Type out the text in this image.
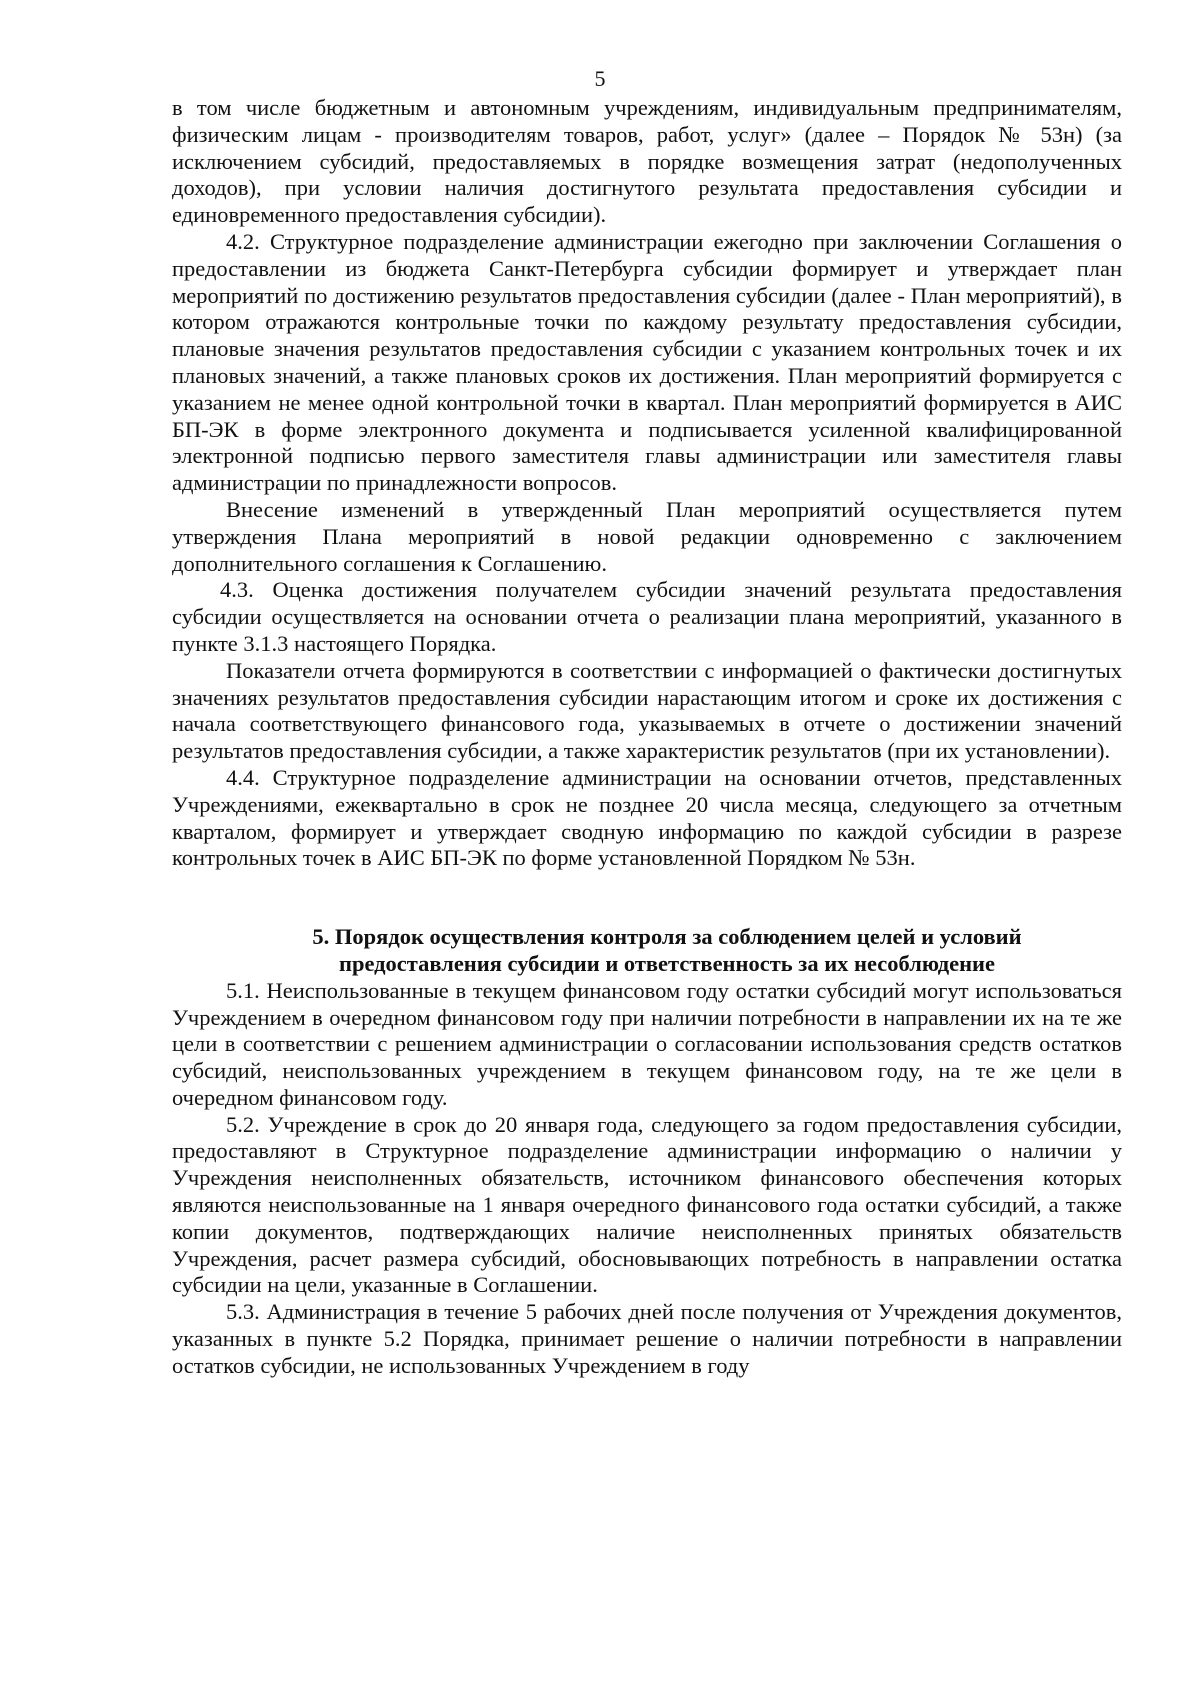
5

в том числе бюджетным и автономным учреждениям, индивидуальным предпринимателям, физическим лицам - производителям товаров, работ, услуг» (далее – Порядок № 53н) (за исключением субсидий, предоставляемых в порядке возмещения затрат (недополученных доходов), при условии наличия достигнутого результата предоставления субсидии и единовременного предоставления субсидии).

4.2. Структурное подразделение администрации ежегодно при заключении Соглашения о предоставлении из бюджета Санкт-Петербурга субсидии формирует и утверждает план мероприятий по достижению результатов предоставления субсидии (далее - План мероприятий), в котором отражаются контрольные точки по каждому результату предоставления субсидии, плановые значения результатов предоставления субсидии с указанием контрольных точек и их плановых значений, а также плановых сроков их достижения. План мероприятий формируется с указанием не менее одной контрольной точки в квартал. План мероприятий формируется в АИС БП-ЭК в форме электронного документа и подписывается усиленной квалифицированной электронной подписью первого заместителя главы администрации или заместителя главы администрации по принадлежности вопросов.

Внесение изменений в утвержденный План мероприятий осуществляется путем утверждения Плана мероприятий в новой редакции одновременно с заключением дополнительного соглашения к Соглашению.

4.3. Оценка достижения получателем субсидии значений результата предоставления субсидии осуществляется на основании отчета о реализации плана мероприятий, указанного в пункте 3.1.3 настоящего Порядка.

Показатели отчета формируются в соответствии с информацией о фактически достигнутых значениях результатов предоставления субсидии нарастающим итогом и сроке их достижения с начала соответствующего финансового года, указываемых в отчете о достижении значений результатов предоставления субсидии, а также характеристик результатов (при их установлении).

4.4. Структурное подразделение администрации на основании отчетов, представленных Учреждениями, ежеквартально в срок не позднее 20 числа месяца, следующего за отчетным кварталом, формирует и утверждает сводную информацию по каждой субсидии в разрезе контрольных точек в АИС БП-ЭК по форме установленной Порядком № 53н.

5. Порядок осуществления контроля за соблюдением целей и условий
предоставления субсидии и ответственность за их несоблюдение

5.1. Неиспользованные в текущем финансовом году остатки субсидий могут использоваться Учреждением в очередном финансовом году при наличии потребности в направлении их на те же цели в соответствии с решением администрации о согласовании использования средств остатков субсидий, неиспользованных учреждением в текущем финансовом году, на те же цели в очередном финансовом году.

5.2. Учреждение в срок до 20 января года, следующего за годом предоставления субсидии, предоставляют в Структурное подразделение администрации информацию о наличии у Учреждения неисполненных обязательств, источником финансового обеспечения которых являются неиспользованные на 1 января очередного финансового года остатки субсидий, а также копии документов, подтверждающих наличие неисполненных принятых обязательств Учреждения, расчет размера субсидий, обосновывающих потребность в направлении остатка субсидии на цели, указанные в Соглашении.

5.3. Администрация в течение 5 рабочих дней после получения от Учреждения документов, указанных в пункте 5.2 Порядка, принимает решение о наличии потребности в направлении остатков субсидии, не использованных Учреждением в году
